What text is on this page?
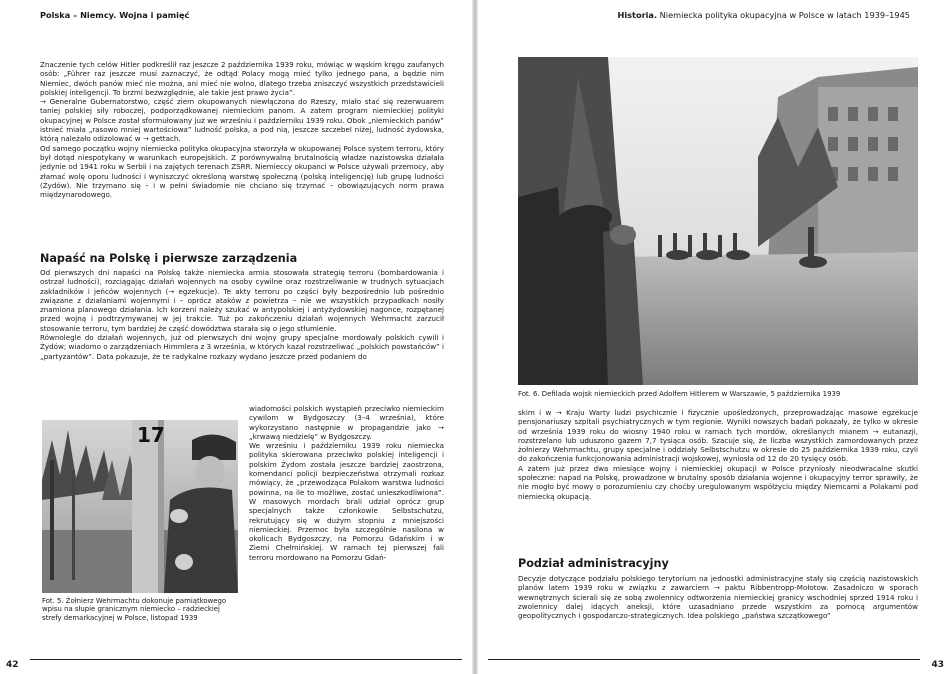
Polska – Niemcy. Wojna i pamięć

Znaczenie tych celów Hitler podkreślił raz jeszcze 2 października 1939 roku, mówiąc w wąskim kręgu zaufanych osób: „Führer raz jeszcze musi zaznaczyć, że odtąd Polacy mogą mieć tylko jednego pana, a będzie nim Niemiec, dwóch panów mieć nie można, ani mieć nie wolno, dlatego trzeba zniszczyć wszystkich przedstawicieli polskiej inteligencji. To brzmi bezwzględnie, ale takie jest prawo życia”.

→ Generalne Gubernatorstwo, część ziem okupowanych niewłączona do Rzeszy, miało stać się rezerwuarem taniej polskiej siły roboczej, podporządkowanej niemieckim panom. A zatem program niemieckiej polityki okupacyjnej w Polsce został sformułowany już we wrześniu i październiku 1939 roku. Obok „niemieckich panów” istnieć miała „rasowo mniej wartościowa” ludność polska, a pod nią, jeszcze szczebel niżej, ludność żydowska, którą należało odizolować w → gettach.

Od samego początku wojny niemiecka polityka okupacyjna stworzyła w okupowanej Polsce system terroru, który był dotąd niespotykany w warunkach europejskich. Z porównywalną brutalnością władze nazistowska działała jedynie od 1941 roku w Serbii i na zajętych terenach ZSRR. Niemieccy okupanci w Polsce używali przemocy, aby złamać wolę oporu ludności i wyniszczyć określoną warstwę społeczną (polską inteligencję) lub grupę ludności (Żydów). Nie trzymano się – i w pełni świadomie nie chciano się trzymać – obowiązujących norm prawa międzynarodowego.

Napaść na Polskę i pierwsze zarządzenia

Od pierwszych dni napaści na Polskę także niemiecka armia stosowała strategię terroru (bombardowania i ostrzał ludności), rozciągając działań wojennych na osoby cywilne oraz rozstrzeliwanie w trudnych sytuacjach zakładników i jeńców wojennych (→ egzekucje). Te akty terroru po części były bezpośrednio lub pośrednio związane z działaniami wojennymi i – oprócz ataków z powietrza – nie we wszystkich przypadkach nosiły znamiona planowego działania. Ich korzeni należy szukać w antypolskiej i antyżydowskiej nagonce, rozpętanej przed wojną i podtrzymywanej w jej trakcie. Tuż po zakończeniu działań wojennych Wehrmacht zarzucił stosowanie terroru, tym bardziej że część dowództwa starała się o jego stłumienie.

Równolegle do działań wojennych, już od pierwszych dni wojny grupy specjalne mordowały polskich cywili i Żydów; wiadomo o zarządzeniach Himmlera z 3 września, w których kazał rozstrzeliwać „polskich powstańców” i „partyzantów”. Data pokazuje, że te radykalne rozkazy wydano jeszcze przed podaniem do

17
Fot. 5. Żołnierz Wehrmachtu dokonuje pamiątkowego wpisu na słupie granicznym niemiecko – radzieckiej strefy demarkacyjnej w Polsce, listopad 1939

wiadomości polskich wystąpień przeciwko niemieckim cywilom w Bydgoszczy (3–4 września), które wykorzystano następnie w propagandzie jako → „krwawą niedzielę” w Bydgoszczy.

We wrześniu i październiku 1939 roku niemiecka polityka skierowana przeciwko polskiej inteligencji i polskim Żydom została jeszcze bardziej zaostrzona, komendanci policji bezpieczeństwa otrzymali rozkaz mówiący, że „przewodząca Polakom warstwa ludności powinna, na ile to możliwe, zostać unieszkodliwiona”. W masowych mordach brali udział oprócz grup specjalnych także członkowie Selbstschutzu, rekrutujący się w dużym stopniu z mniejszości niemieckiej. Przemoc była szczególnie nasilona w okolicach Bydgoszczy, na Pomorzu Gdańskim i w Ziemi Chełmińskiej. W ramach tej pierwszej fali terroru mordowano na Pomorzu Gdań-

42
Historia. Niemiecka polityka okupacyjna w Polsce w latach 1939–1945
Fot. 6. Defilada wojsk niemieckich przed Adolfem Hitlerem w Warszawie, 5 października 1939

skim i w → Kraju Warty ludzi psychicznie i fizycznie upośledzonych, przeprowadzając masowe egzekucje pensjonariuszy szpitali psychiatrycznych w tym regionie. Wyniki nowszych badań pokazały, że tylko w okresie od września 1939 roku do wiosny 1940 roku w ramach tych mordów, określanych mianem → eutanazji, rozstrzelano lub uduszono gazem 7,7 tysiąca osób. Szacuje się, że liczba wszystkich zamordowanych przez żołnierzy Wehrmachtu, grupy specjalne i oddziały Selbstschutzu w okresie do 25 października 1939 roku, czyli do zakończenia funkcjonowania administracji wojskowej, wyniosła od 12 do 20 tysięcy osób.

A zatem już przez dwa miesiące wojny i niemieckiej okupacji w Polsce przyniosły nieodwracalne skutki społeczne: napad na Polskę, prowadzone w brutalny sposób działania wojenne i okupacyjny terror sprawiły, że nie mogło być mowy o porozumieniu czy choćby uregulowanym współżyciu między Niemcami a Polakami pod niemiecką okupacją.

Podział administracyjny

Decyzje dotyczące podziału polskiego terytorium na jednostki administracyjne stały się częścią nazistowskich planów latem 1939 roku w związku z zawarciem → paktu Ribbentropp-Mołotow. Zasadniczo w sporach wewnętrznych ścierali się ze sobą zwolennicy odtworzenia niemieckiej granicy wschodniej sprzed 1914 roku i zwolennicy dalej idących aneksji, które uzasadniano przede wszystkim za pomocą argumentów geopolitycznych i gospodarczo-strategicznych. Idea polskiego „państwa szczątkowego”

43
